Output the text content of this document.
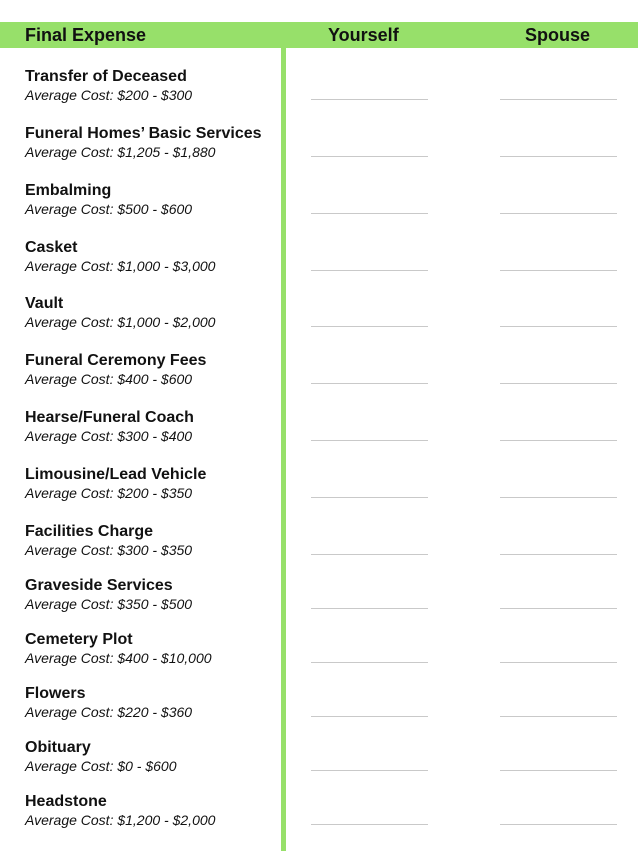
Final Expense	Yourself	Spouse
Transfer of Deceased
Average Cost: $200 - $300
Funeral Homes’ Basic Services
Average Cost: $1,205 - $1,880
Embalming
Average Cost: $500 - $600
Casket
Average Cost: $1,000 - $3,000
Vault
Average Cost: $1,000 - $2,000
Funeral Ceremony Fees
Average Cost: $400 - $600
Hearse/Funeral Coach
Average Cost: $300 - $400
Limousine/Lead Vehicle
Average Cost: $200 - $350
Facilities Charge
Average Cost: $300 - $350
Graveside Services
Average Cost: $350 - $500
Cemetery Plot
Average Cost: $400 - $10,000
Flowers
Average Cost: $220 - $360
Obituary
Average Cost: $0 - $600
Headstone
Average Cost: $1,200 - $2,000
